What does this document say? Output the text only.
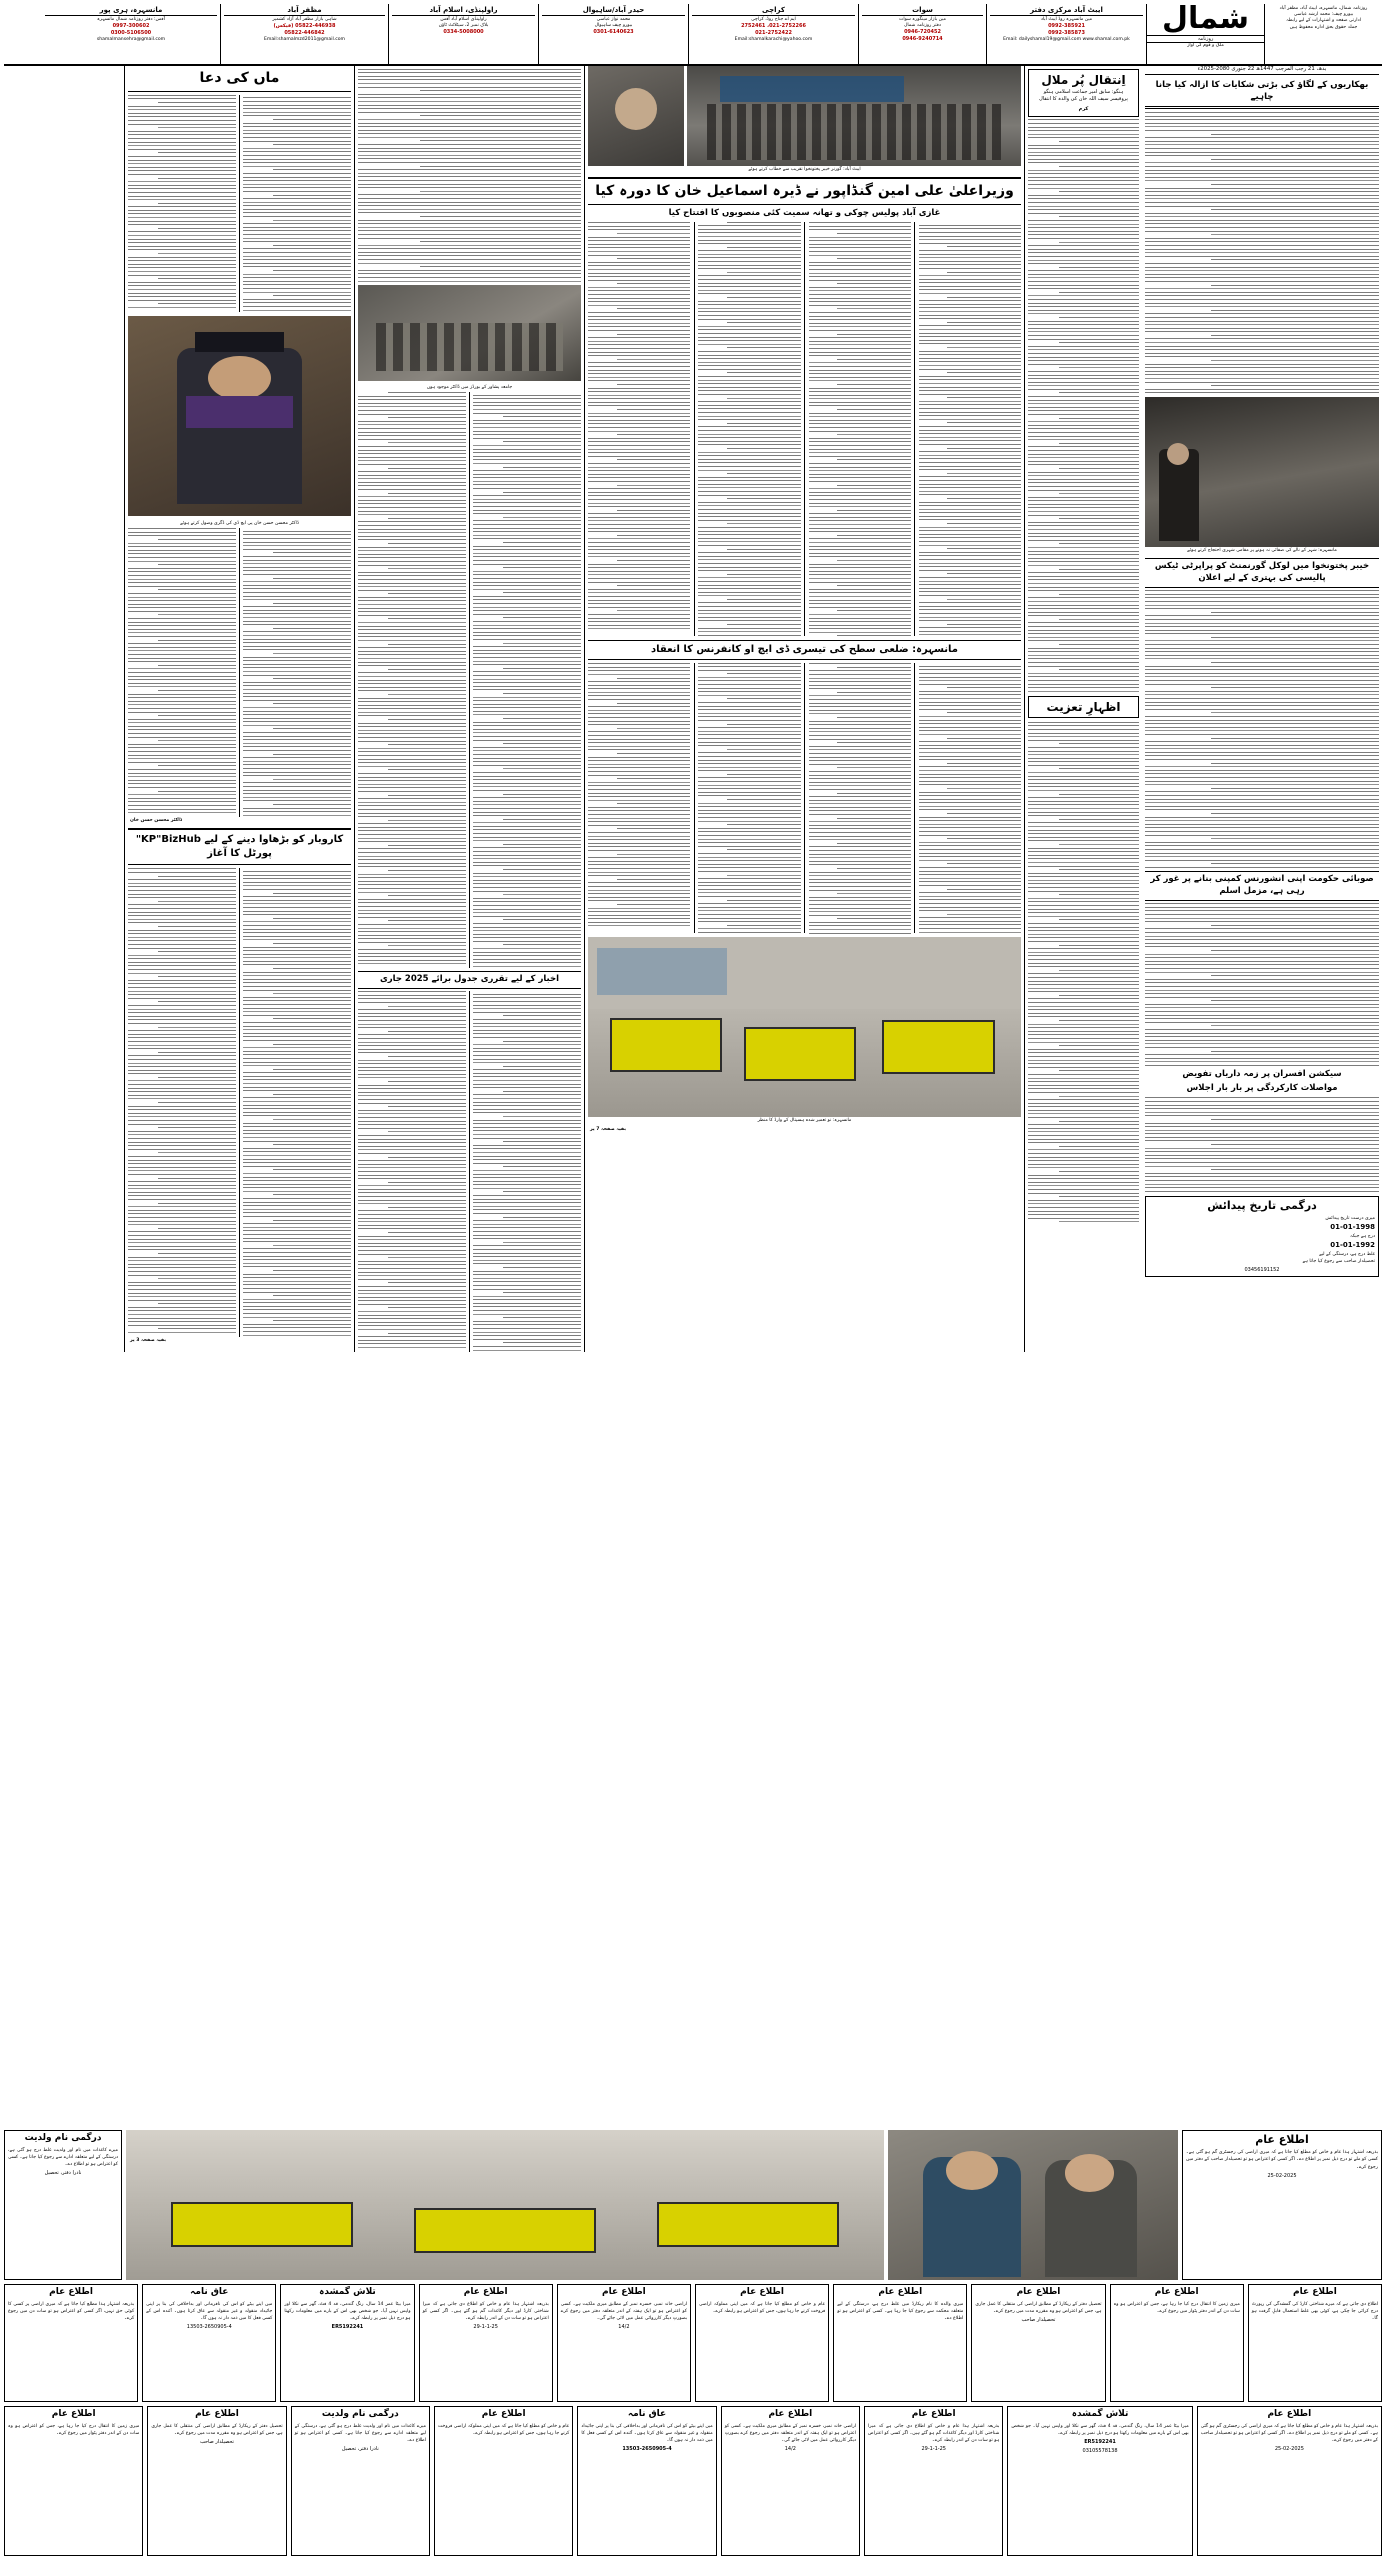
روزنامہ شمال، مانسہرہ، ایبٹ آباد، مظفر آباد
بیورو چیف: محمد ارشد عباسی
ادارتی صفحہ و اشتہارات کے لیے رابطہ
جملہ حقوق بحق ادارہ محفوظ ہیں
شمال
روزنامہ
ملک و قوم کی آواز
ایبٹ آباد مرکزی دفتر
مین مانسہرہ روڈ ایبٹ آباد
0992-385921
0992-385873
Email: dailyshamal19@gmail.com www.shamal.com.pk
سوات
مین بازار مینگورہ سوات
دفتر روزنامہ شمال
0946-720452
0946-9240714
کراچی
ایم اے جناح روڈ، کراچی
021-2752266، 2752461
021-2752422
Email:shamalkarachi@yahoo.com
حیدر آباد/ساہیوال
محمد نواز عباسی
بیورو چیف ساہیوال
0301-6140623
راولپنڈی، اسلام آباد
راولپنڈی اسلام آباد آفس
بلاک نمبر 2، سیٹلائٹ ٹاؤن
0334-5008000
مظفر آباد
شاہی بازار مظفر آباد آزاد کشمیر
05822-446938 (فیکس)
05822-446842
Email:shamalmzd2011@gmail.com
مانسہرہ، ہری پور
آفس: دفتر روزنامہ شمال مانسہرہ
0997-300602
0300-5106500
shamalmansehra@gmail.com
بدھ، 21 رجب المرجب 1447ھ 22 جنوری 2080-2025ء
بھکاریوں کے لگاؤ کی بڑتی شکایات کا ازالہ کیا جانا چاہیے
مانسہرہ: شہر کے نالے کی صفائی نہ ہونے پر مقامی شہری احتجاج کرتے ہوئے
خیبر پختونخوا میں لوکل گورنمنٹ کو پراپرٹی ٹیکس پالیسی کی بہتری کے لیے اعلان
صوبائی حکومت اپنی انشورنس کمپنی بنانے پر غور کر رہی ہے، مزمل اسلم
سیکشن افسران پر زمہ داریاں تفویض
مواصلات کارکردگی پر بار بار اجلاس
درگمی تاریخ پیدائش
میری درست تاریخ پیدائش
01-01-1998
درج ہے جبکہ
01-01-1992
غلط درج ہے، درستگی کے لیے
تحصیلدار صاحب سے رجوع کیا جاتا ہے
03456191152
اِنتقال پُر ملال
ہنگو: سابق امیر جماعت اسلامی ہنگو
پروفیسر سیف اللہ خان کی والدہ کا انتقال
کرم
اظہارِ تعزیت
ایبٹ آباد: گورنر خیبر پختونخوا تقریب سے خطاب کرتے ہوئے
وزیراعلیٰ علی امین گنڈاپور نے ڈیرہ اسماعیل خان کا دورہ کیا
غازی آباد پولیس چوکی و تھانہ سمیت کئی منصوبوں کا افتتاح کیا
مانسہرہ: ضلعی سطح کی تیسری ڈی ایچ او کانفرنس کا انعقاد
مانسہرہ: نو تعمیر شدہ ہسپتال کے وارڈ کا منظر
بقیہ صفحہ 7 پر
جامعہ پشاور کے بورڈز میں ڈاکٹر موجود ہوں
اخبار کے لیے تقرری جدول برائے 2025 جاری
ماں کی دعا
ڈاکٹر محسن حسن خان پی ایچ ڈی کی ڈگری وصول کرتے ہوئے
ڈاکٹر محسن حسن خان
کاروبار کو بڑھاوا دینے کے لیے KP"BizHub" پورٹل کا آغاز
بقیہ صفحہ 3 پر
اطلاع عام
بذریعہ اشتہار ہذا عام و خاص کو مطلع کیا جاتا ہے کہ میری اراضی کی رجسٹری گم ہو گئی ہے۔ کسی کو ملے تو درج ذیل نمبر پر اطلاع دے۔ اگر کسی کو اعتراض ہو تو تحصیلدار صاحب کے دفتر میں رجوع کرے۔
25-02-2025
درگمی نام ولدیت
میرے کاغذات میں نام اور ولدیت غلط درج ہو گئی ہے، درستگی کے لیے متعلقہ ادارے سے رجوع کیا جاتا ہے۔ کسی کو اعتراض ہو تو اطلاع دے۔
نادرا دفتر، تحصیل
اطلاع عام
اطلاع دی جاتی ہے کہ میرے شناختی کارڈ کی گمشدگی کی رپورٹ درج کرائی جا چکی ہے، کوئی بھی غلط استعمال قابلِ گرفت ہو گا۔
اطلاع عام
میری زمین کا انتقال درج کیا جا رہا ہے، جس کو اعتراض ہو وہ سات دن کے اندر دفتر پٹوار میں رجوع کرے۔
اطلاع عام
تحصیل دفتر کے ریکارڈ کے مطابق اراضی کی منتقلی کا عمل جاری ہے، جس کو اعتراض ہو وہ مقررہ مدت میں رجوع کرے۔
تحصیلدار صاحب
اطلاع عام
میری والدہ کا نام ریکارڈ میں غلط درج ہے، درستگی کے لیے متعلقہ محکمہ سے رجوع کیا جا رہا ہے۔ کسی کو اعتراض ہو تو اطلاع دے۔
اطلاع عام
عام و خاص کو مطلع کیا جاتا ہے کہ میں اپنی مملوکہ اراضی فروخت کرنے جا رہا ہوں، جس کو اعتراض ہو رابطہ کرے۔
اطلاع عام
اراضی خانہ نمبر، خسرہ نمبر کے مطابق میری ملکیت ہے۔ کسی کو اعتراض ہو تو ایک ہفتہ کے اندر متعلقہ دفتر میں رجوع کرے بصورتِ دیگر کارروائی عمل میں لائی جائے گی۔
14/2
اطلاع عام
بذریعہ اشتہار ہذا عام و خاص کو اطلاع دی جاتی ہے کہ میرا شناختی کارڈ اور دیگر کاغذات گم ہو گئے ہیں۔ اگر کسی کو اعتراض ہو تو سات دن کے اندر رابطہ کرے۔
29-1-1-25
تلاش گمشدہ
میرا بیٹا عمر 14 سال، رنگ گندمی، قد 4 فٹ، گھر سے نکلا اور واپس نہیں آیا۔ جو شخص بھی اس کے بارے میں معلومات رکھتا ہو درج ذیل نمبر پر رابطہ کرے۔
ER5192241
عاق نامہ
میں اپنے بیٹے کو اس کی نافرمانی اور بداخلاقی کی بنا پر اپنی جائیداد منقولہ و غیر منقولہ سے عاق کرتا ہوں۔ آئندہ اس کے کسی فعل کا میں ذمہ دار نہ ہوں گا۔
13503-2650905-4
اطلاع عام
بذریعہ اشتہار ہذا مطلع کیا جاتا ہے کہ میری اراضی پر کسی کا کوئی حق نہیں، اگر کسی کو اعتراض ہو تو سات دن میں رجوع کرے۔
اطلاع عام
بذریعہ اشتہار ہذا عام و خاص کو مطلع کیا جاتا ہے کہ میری اراضی کی رجسٹری گم ہو گئی ہے۔ کسی کو ملے تو درج ذیل نمبر پر اطلاع دے۔ اگر کسی کو اعتراض ہو تو تحصیلدار صاحب کے دفتر میں رجوع کرے۔
25-02-2025
تلاش گمشدہ
میرا بیٹا عمر 14 سال، رنگ گندمی، قد 4 فٹ، گھر سے نکلا اور واپس نہیں آیا۔ جو شخص بھی اس کے بارے میں معلومات رکھتا ہو درج ذیل نمبر پر رابطہ کرے۔
ER5192241
03105578138
اطلاع عام
بذریعہ اشتہار ہذا عام و خاص کو اطلاع دی جاتی ہے کہ میرا شناختی کارڈ اور دیگر کاغذات گم ہو گئے ہیں۔ اگر کسی کو اعتراض ہو تو سات دن کے اندر رابطہ کرے۔
29-1-1-25
اطلاع عام
اراضی خانہ نمبر، خسرہ نمبر کے مطابق میری ملکیت ہے۔ کسی کو اعتراض ہو تو ایک ہفتہ کے اندر متعلقہ دفتر میں رجوع کرے بصورتِ دیگر کارروائی عمل میں لائی جائے گی۔
14/2
عاق نامہ
میں اپنے بیٹے کو اس کی نافرمانی اور بداخلاقی کی بنا پر اپنی جائیداد منقولہ و غیر منقولہ سے عاق کرتا ہوں۔ آئندہ اس کے کسی فعل کا میں ذمہ دار نہ ہوں گا۔
13503-2650905-4
اطلاع عام
عام و خاص کو مطلع کیا جاتا ہے کہ میں اپنی مملوکہ اراضی فروخت کرنے جا رہا ہوں، جس کو اعتراض ہو رابطہ کرے۔
درگمی نام ولدیت
میرے کاغذات میں نام اور ولدیت غلط درج ہو گئی ہے، درستگی کے لیے متعلقہ ادارے سے رجوع کیا جاتا ہے۔ کسی کو اعتراض ہو تو اطلاع دے۔
نادرا دفتر، تحصیل
اطلاع عام
تحصیل دفتر کے ریکارڈ کے مطابق اراضی کی منتقلی کا عمل جاری ہے، جس کو اعتراض ہو وہ مقررہ مدت میں رجوع کرے۔
تحصیلدار صاحب
اطلاع عام
میری زمین کا انتقال درج کیا جا رہا ہے، جس کو اعتراض ہو وہ سات دن کے اندر دفتر پٹوار میں رجوع کرے۔
